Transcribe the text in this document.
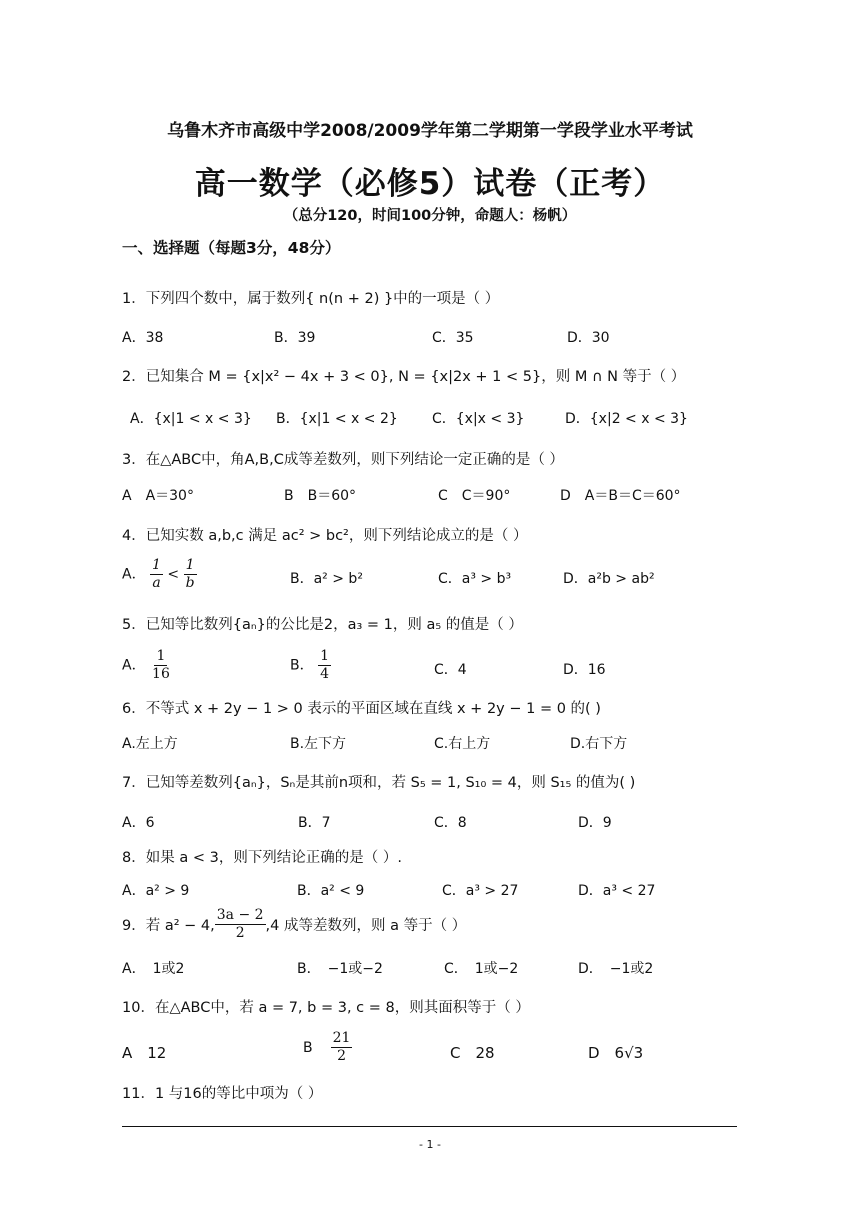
乌鲁木齐市高级中学2008/2009学年第二学期第一学段学业水平考试
高一数学（必修5）试卷（正考）
（总分120，时间100分钟，命题人：杨帆）
一、选择题（每题3分，48分）
1．下列四个数中，属于数列{ n(n + 2) }中的一项是（ ）
A．38	B．39	C．35	D．30
2．已知集合 M = {x|x² − 4x + 3 < 0}, N = {x|2x + 1 < 5}，则 M ∩ N 等于（ ）
A．{x|1 < x < 3} B．{x|1 < x < 2} C．{x|x < 3}	D．{x|2 < x < 3}
3．在△ABC中，角A,B,C成等差数列，则下列结论一定正确的是（ ）
A　A＝30°	B　B＝60°	C　C＝90°	D　A＝B＝C＝60°
4．已知实数 a,b,c 满足 ac² > bc²，则下列结论成立的是（ ）
A． $\frac{1}{a} < \frac{1}{b}$	B．a² > b²	C．a³ > b³	D．a²b > ab²
5．已知等比数列{aₙ}的公比是2，a₃ = 1，则 a₅ 的值是（ ）
A． $\frac{1}{16}$	B． $\frac{1}{4}$	C．4	D．16
6．不等式 x + 2y − 1 > 0 表示的平面区域在直线 x + 2y − 1 = 0 的( )
A.左上方	B.左下方	C.右上方	D.右下方
7．已知等差数列{aₙ}，Sₙ是其前n项和，若 S₅ = 1, S₁₀ = 4，则 S₁₅ 的值为( )
A．6	B．7	C．8	D．9
8．如果 a < 3，则下列结论正确的是（ ）.
A．a² > 9	B．a² < 9	C．a³ > 27	D．a³ < 27
9．若 a² − 4, $\frac{3a - 2}{2} ,4$ 成等差数列，则 a 等于（ ）
A．　1或2	B．　−1或−2	C．　1或−2	D．　−1或2
10．在△ABC中，若 a = 7, b = 3, c = 8，则其面积等于（ ）
A　12	B $\frac{21}{2}$	C　28	D　6√3
11．1 与16的等比中项为（ ）
- 1 -
